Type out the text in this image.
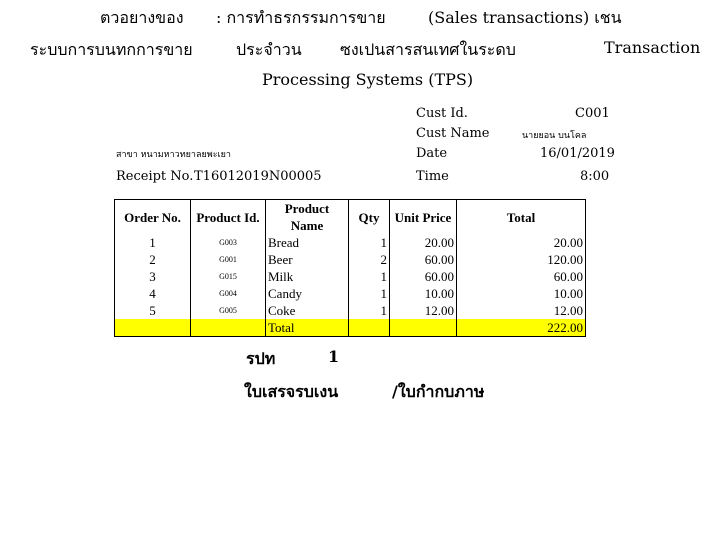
ตวอยางของ : การทำธรกรรมการขาย	(Sales transactions) เชน
ระบบการบนทกการขาย	ประจำวน ซงเปนสารสนเทศในระดบ	Transaction
Processing Systems (TPS)
Cust Id.	C001
Cust Name	นายยอน บนโคล
สาขา หนามหาวทยาลยพะเยา	Date	16/01/2019
Receipt No. T16012019N00005	Time	8:00
Order No.	Product Id.	Product Name	Qty	Unit Price	Total
1	G003	Bread	1	20.00	20.00
2	G001	Beer	2	60.00	120.00
3	G015	Milk	1	60.00	60.00
4	G004	Candy	1	10.00	10.00
5	G005	Coke	1	12.00	12.00
		Total			222.00
รปท	1
ใบเสรจรบเงน	/ใบกำกบภาษ
